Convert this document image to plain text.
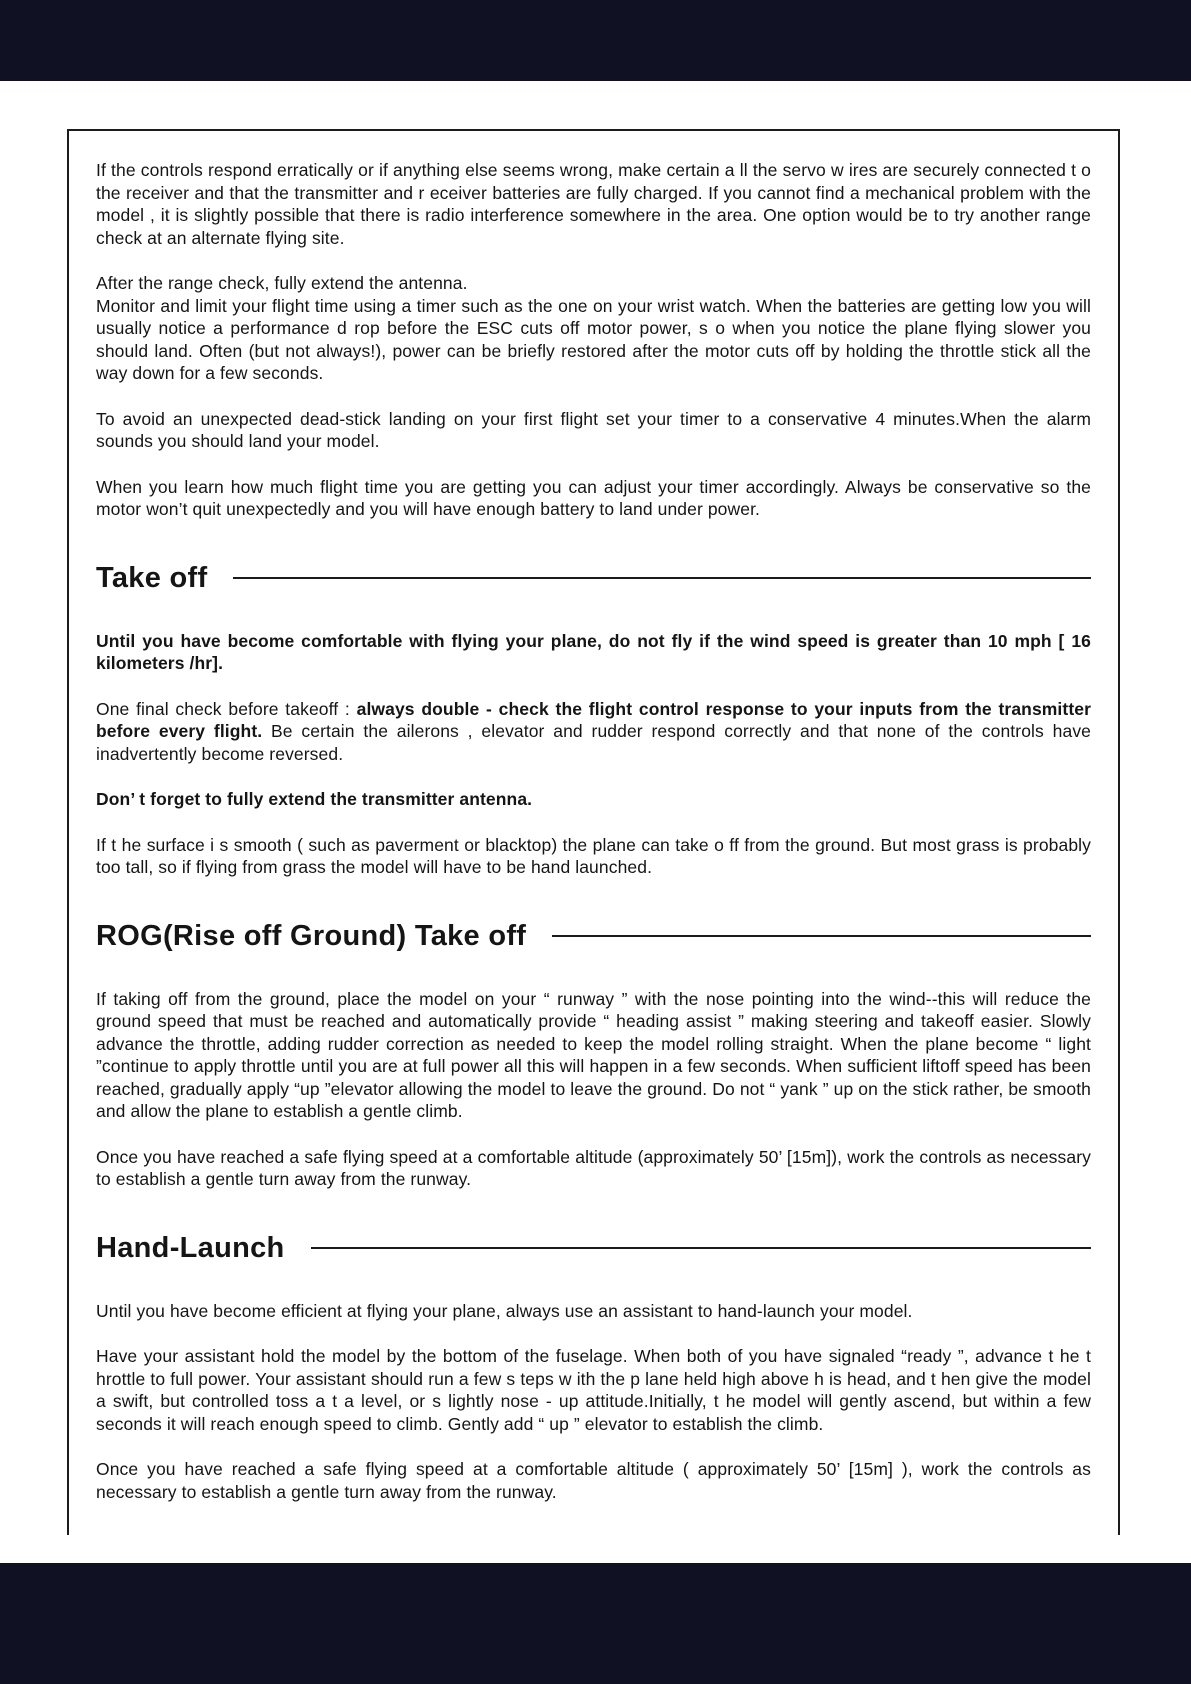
If the controls respond erratically or if anything else seems wrong, make certain a ll the servo w ires are securely connected t o the receiver and that the transmitter and r eceiver batteries are fully charged. If you cannot find a mechanical problem with the model , it is slightly possible that there is radio interference somewhere in the area. One option would be to try another range check at an alternate flying site.
After the range check, fully extend the antenna.
Monitor and limit your flight time using a timer such as the one on your wrist watch. When the batteries are getting low you will usually notice a performance d rop before the ESC cuts off motor power, s o when you notice the plane flying slower you should land. Often (but not always!), power can be briefly restored after the motor cuts off by holding the throttle stick all the way down for a few seconds.
To avoid an unexpected dead-stick landing on your first flight set your timer to a conservative 4 minutes.When the alarm sounds you should land your model.
When you learn how much flight time you are getting you can adjust your timer accordingly. Always be conservative so the motor won’t quit unexpectedly and you will have enough battery to land under power.
Take off
Until you have become comfortable with flying your plane, do not fly if the wind speed is greater than 10 mph [ 16 kilometers /hr].
One final check before takeoff : always double - check the flight control response to your inputs from the transmitter before every flight. Be certain the ailerons , elevator and rudder respond correctly and that none of the controls have inadvertently become reversed.
Don’ t forget to fully extend the transmitter antenna.
If t he surface i s smooth ( such as paverment or blacktop) the plane can take o ff from the ground. But most grass is probably too tall, so if flying from grass the model will have to be hand launched.
ROG(Rise off Ground) Take off
If taking off from the ground, place the model on your “ runway ” with the nose pointing into the wind--this will reduce the ground speed that must be reached and automatically provide “ heading assist ” making steering and takeoff easier. Slowly advance the throttle, adding rudder correction as needed to keep the model rolling straight. When the plane become “ light ”continue to apply throttle until you are at full power all this will happen in a few seconds. When sufficient liftoff speed has been reached, gradually apply “up ”elevator allowing the model to leave the ground. Do not “ yank ” up on the stick rather, be smooth and allow the plane to establish a gentle climb.
Once you have reached a safe flying speed at a comfortable altitude (approximately 50’ [15m]), work the controls as necessary to establish a gentle turn away from the runway.
Hand-Launch
Until you have become efficient at flying your plane, always use an assistant to hand-launch your model.
Have your assistant hold the model by the bottom of the fuselage. When both of you have signaled “ready ”, advance t he t hrottle to full power. Your assistant should run a few s teps w ith the p lane held high above h is head, and t hen give the model a swift, but controlled toss a t a level, or s lightly nose - up attitude.Initially, t he model will gently ascend, but within a few seconds it will reach enough speed to climb. Gently add “ up ” elevator to establish the climb.
Once you have reached a safe flying speed at a comfortable altitude ( approximately 50’ [15m] ), work the controls as necessary to establish a gentle turn away from the runway.
